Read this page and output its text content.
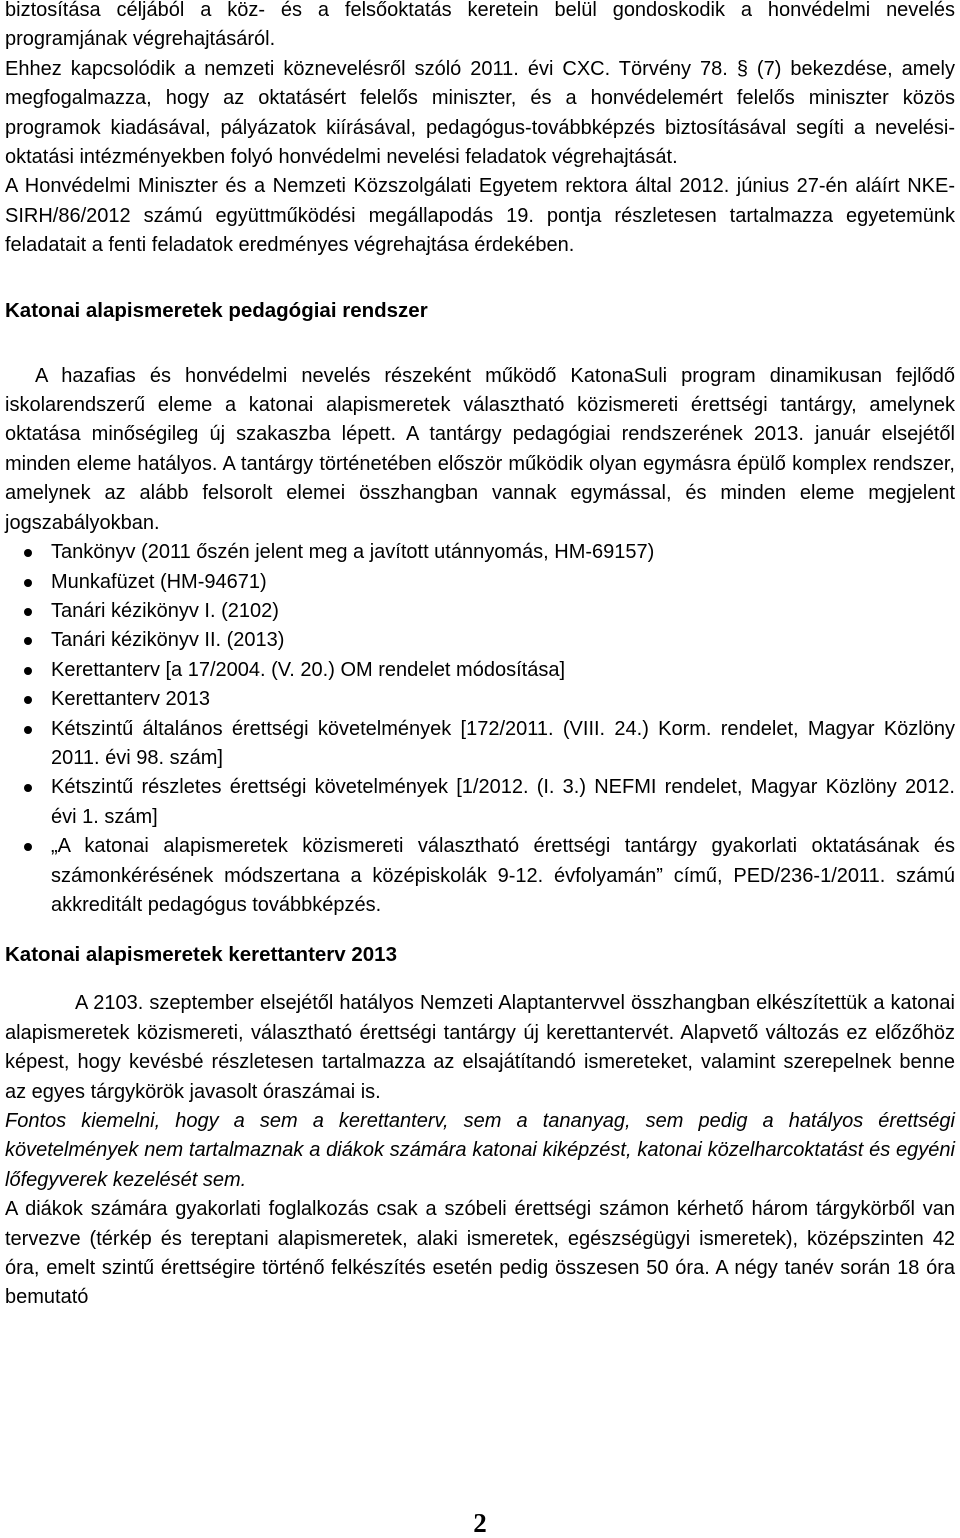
biztosítása céljából a köz- és a felsőoktatás keretein belül gondoskodik a honvédelmi nevelés programjának végrehajtásáról.

Ehhez kapcsolódik a nemzeti köznevelésről szóló 2011. évi CXC. Törvény 78. § (7) bekezdése, amely megfogalmazza, hogy az oktatásért felelős miniszter, és a honvédelemért felelős miniszter közös programok kiadásával, pályázatok kiírásával, pedagógus-továbbképzés biztosításával segíti a nevelési-oktatási intézményekben folyó honvédelmi nevelési feladatok végrehajtását.

A Honvédelmi Miniszter és a Nemzeti Közszolgálati Egyetem rektora által 2012. június 27-én aláírt NKE-SIRH/86/2012 számú együttműködési megállapodás 19. pontja részletesen tartalmazza egyetemünk feladatait a fenti feladatok eredményes végrehajtása érdekében.

Katonai alapismeretek pedagógiai rendszer

A hazafias és honvédelmi nevelés részeként működő KatonaSuli program dinamikusan fejlődő iskolarendszerű eleme a katonai alapismeretek választható közismereti érettségi tantárgy, amelynek oktatása minőségileg új szakaszba lépett. A tantárgy pedagógiai rendszerének 2013. január elsejétől minden eleme hatályos. A tantárgy történetében először működik olyan egymásra épülő komplex rendszer, amelynek az alább felsorolt elemei összhangban vannak egymással, és minden eleme megjelent jogszabályokban.

Tankönyv (2011 őszén jelent meg a javított utánnyomás, HM-69157)
Munkafüzet (HM-94671)
Tanári kézikönyv I. (2102)
Tanári kézikönyv II. (2013)
Kerettanterv [a 17/2004. (V. 20.) OM rendelet módosítása]
Kerettanterv 2013
Kétszintű általános érettségi követelmények [172/2011. (VIII. 24.) Korm. rendelet, Magyar Közlöny 2011. évi 98. szám]
Kétszintű részletes érettségi követelmények [1/2012. (I. 3.) NEFMI rendelet, Magyar Közlöny 2012. évi 1. szám]
„A katonai alapismeretek közismereti választható érettségi tantárgy gyakorlati oktatásának és számonkérésének módszertana a középiskolák 9-12. évfolyamán” című, PED/236-1/2011. számú akkreditált pedagógus továbbképzés.

Katonai alapismeretek kerettanterv 2013

A 2103. szeptember elsejétől hatályos Nemzeti Alaptantervvel összhangban elkészítettük a katonai alapismeretek közismereti, választható érettségi tantárgy új kerettantervét. Alapvető változás ez előzőhöz képest, hogy kevésbé részletesen tartalmazza az elsajátítandó ismereteket, valamint szerepelnek benne az egyes tárgykörök javasolt óraszámai is.

Fontos kiemelni, hogy a sem a kerettanterv, sem a tananyag, sem pedig a hatályos érettségi követelmények nem tartalmaznak a diákok számára katonai kiképzést, katonai közelharcoktatást és egyéni lőfegyverek kezelését sem.

A diákok számára gyakorlati foglalkozás csak a szóbeli érettségi számon kérhető három tárgykörből van tervezve (térkép és tereptani alapismeretek, alaki ismeretek, egészségügyi ismeretek), középszinten 42 óra, emelt szintű érettségire történő felkészítés esetén pedig összesen 50 óra. A négy tanév során 18 óra bemutató

2
